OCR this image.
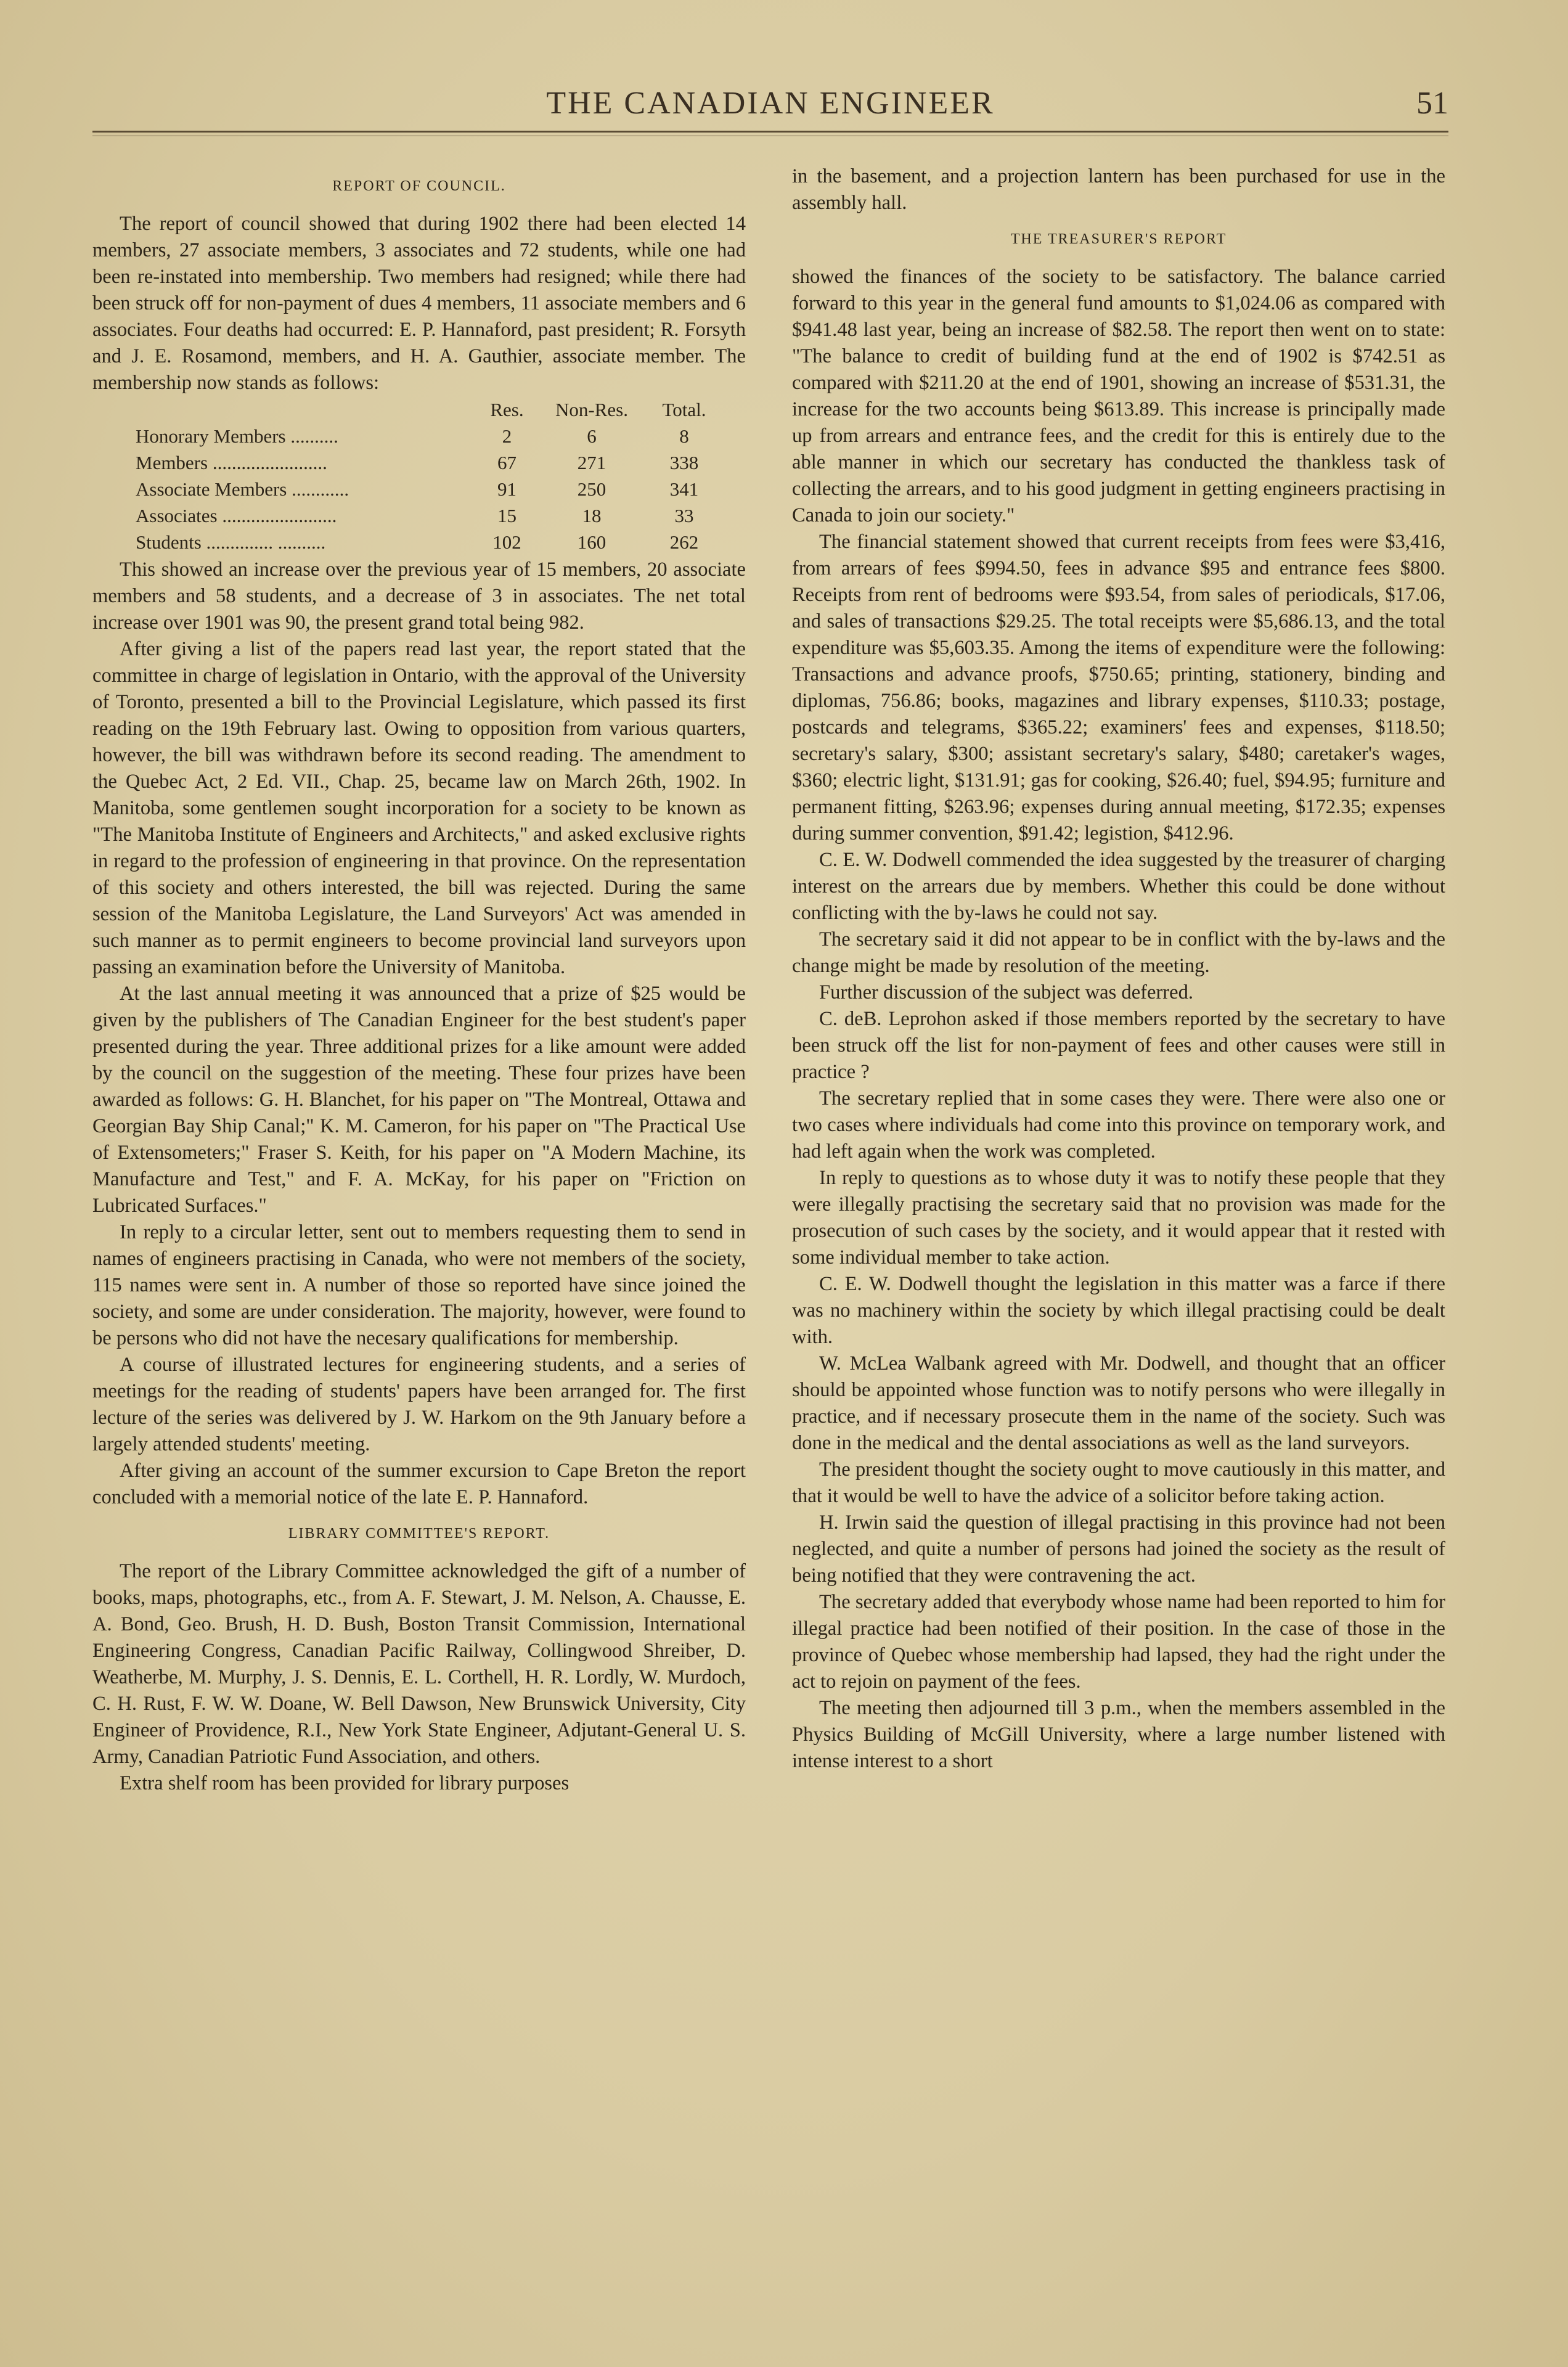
THE CANADIAN ENGINEER	51
REPORT OF COUNCIL.

The report of council showed that during 1902 there had been elected 14 members, 27 associate members, 3 associates and 72 students, while one had been re-instated into membership. Two members had resigned; while there had been struck off for non-payment of dues 4 members, 11 associate members and 6 associates. Four deaths had occurred: E. P. Hannaford, past president; R. Forsyth and J. E. Rosamond, members, and H. A. Gauthier, associate member. The membership now stands as follows:

	Res.	Non-Res.	Total.
Honorary Members ..........	2	6	8
Members ........................	67	271	338
Associate Members ............	91	250	341
Associates ........................	15	18	33
Students .............. ..........	102	160	262

This showed an increase over the previous year of 15 members, 20 associate members and 58 students, and a decrease of 3 in associates. The net total increase over 1901 was 90, the present grand total being 982.

After giving a list of the papers read last year, the report stated that the committee in charge of legislation in Ontario, with the approval of the University of Toronto, presented a bill to the Provincial Legislature, which passed its first reading on the 19th February last. Owing to opposition from various quarters, however, the bill was withdrawn before its second reading. The amendment to the Quebec Act, 2 Ed. VII., Chap. 25, became law on March 26th, 1902. In Manitoba, some gentlemen sought incorporation for a society to be known as "The Manitoba Institute of Engineers and Architects," and asked exclusive rights in regard to the profession of engineering in that province. On the representation of this society and others interested, the bill was rejected. During the same session of the Manitoba Legislature, the Land Surveyors' Act was amended in such manner as to permit engineers to become provincial land surveyors upon passing an examination before the University of Manitoba.

At the last annual meeting it was announced that a prize of $25 would be given by the publishers of The Canadian Engineer for the best student's paper presented during the year. Three additional prizes for a like amount were added by the council on the suggestion of the meeting. These four prizes have been awarded as follows: G. H. Blanchet, for his paper on "The Montreal, Ottawa and Georgian Bay Ship Canal;" K. M. Cameron, for his paper on "The Practical Use of Extensometers;" Fraser S. Keith, for his paper on "A Modern Machine, its Manufacture and Test," and F. A. McKay, for his paper on "Friction on Lubricated Surfaces."

In reply to a circular letter, sent out to members requesting them to send in names of engineers practising in Canada, who were not members of the society, 115 names were sent in. A number of those so reported have since joined the society, and some are under consideration. The majority, however, were found to be persons who did not have the necesary qualifications for membership.

A course of illustrated lectures for engineering students, and a series of meetings for the reading of students' papers have been arranged for. The first lecture of the series was delivered by J. W. Harkom on the 9th January before a largely attended students' meeting.

After giving an account of the summer excursion to Cape Breton the report concluded with a memorial notice of the late E. P. Hannaford.

LIBRARY COMMITTEE'S REPORT.

The report of the Library Committee acknowledged the gift of a number of books, maps, photographs, etc., from A. F. Stewart, J. M. Nelson, A. Chausse, E. A. Bond, Geo. Brush, H. D. Bush, Boston Transit Commission, International Engineering Congress, Canadian Pacific Railway, Collingwood Shreiber, D. Weatherbe, M. Murphy, J. S. Dennis, E. L. Corthell, H. R. Lordly, W. Murdoch, C. H. Rust, F. W. W. Doane, W. Bell Dawson, New Brunswick University, City Engineer of Providence, R.I., New York State Engineer, Adjutant-General U. S. Army, Canadian Patriotic Fund Association, and others.

Extra shelf room has been provided for library purposes

in the basement, and a projection lantern has been purchased for use in the assembly hall.

THE TREASURER'S REPORT

showed the finances of the society to be satisfactory. The balance carried forward to this year in the general fund amounts to $1,024.06 as compared with $941.48 last year, being an increase of $82.58. The report then went on to state: "The balance to credit of building fund at the end of 1902 is $742.51 as compared with $211.20 at the end of 1901, showing an increase of $531.31, the increase for the two accounts being $613.89. This increase is principally made up from arrears and entrance fees, and the credit for this is entirely due to the able manner in which our secretary has conducted the thankless task of collecting the arrears, and to his good judgment in getting engineers practising in Canada to join our society."

The financial statement showed that current receipts from fees were $3,416, from arrears of fees $994.50, fees in advance $95 and entrance fees $800. Receipts from rent of bedrooms were $93.54, from sales of periodicals, $17.06, and sales of transactions $29.25. The total receipts were $5,686.13, and the total expenditure was $5,603.35. Among the items of expenditure were the following: Transactions and advance proofs, $750.65; printing, stationery, binding and diplomas, 756.86; books, magazines and library expenses, $110.33; postage, postcards and telegrams, $365.22; examiners' fees and expenses, $118.50; secretary's salary, $300; assistant secretary's salary, $480; caretaker's wages, $360; electric light, $131.91; gas for cooking, $26.40; fuel, $94.95; furniture and permanent fitting, $263.96; expenses during annual meeting, $172.35; expenses during summer convention, $91.42; legistion, $412.96.

C. E. W. Dodwell commended the idea suggested by the treasurer of charging interest on the arrears due by members. Whether this could be done without conflicting with the by-laws he could not say.

The secretary said it did not appear to be in conflict with the by-laws and the change might be made by resolution of the meeting.

Further discussion of the subject was deferred.

C. deB. Leprohon asked if those members reported by the secretary to have been struck off the list for non-payment of fees and other causes were still in practice ?

The secretary replied that in some cases they were. There were also one or two cases where individuals had come into this province on temporary work, and had left again when the work was completed.

In reply to questions as to whose duty it was to notify these people that they were illegally practising the secretary said that no provision was made for the prosecution of such cases by the society, and it would appear that it rested with some individual member to take action.

C. E. W. Dodwell thought the legislation in this matter was a farce if there was no machinery within the society by which illegal practising could be dealt with.

W. McLea Walbank agreed with Mr. Dodwell, and thought that an officer should be appointed whose function was to notify persons who were illegally in practice, and if necessary prosecute them in the name of the society. Such was done in the medical and the dental associations as well as the land surveyors.

The president thought the society ought to move cautiously in this matter, and that it would be well to have the advice of a solicitor before taking action.

H. Irwin said the question of illegal practising in this province had not been neglected, and quite a number of persons had joined the society as the result of being notified that they were contravening the act.

The secretary added that everybody whose name had been reported to him for illegal practice had been notified of their position. In the case of those in the province of Quebec whose membership had lapsed, they had the right under the act to rejoin on payment of the fees.

The meeting then adjourned till 3 p.m., when the members assembled in the Physics Building of McGill University, where a large number listened with intense interest to a short
